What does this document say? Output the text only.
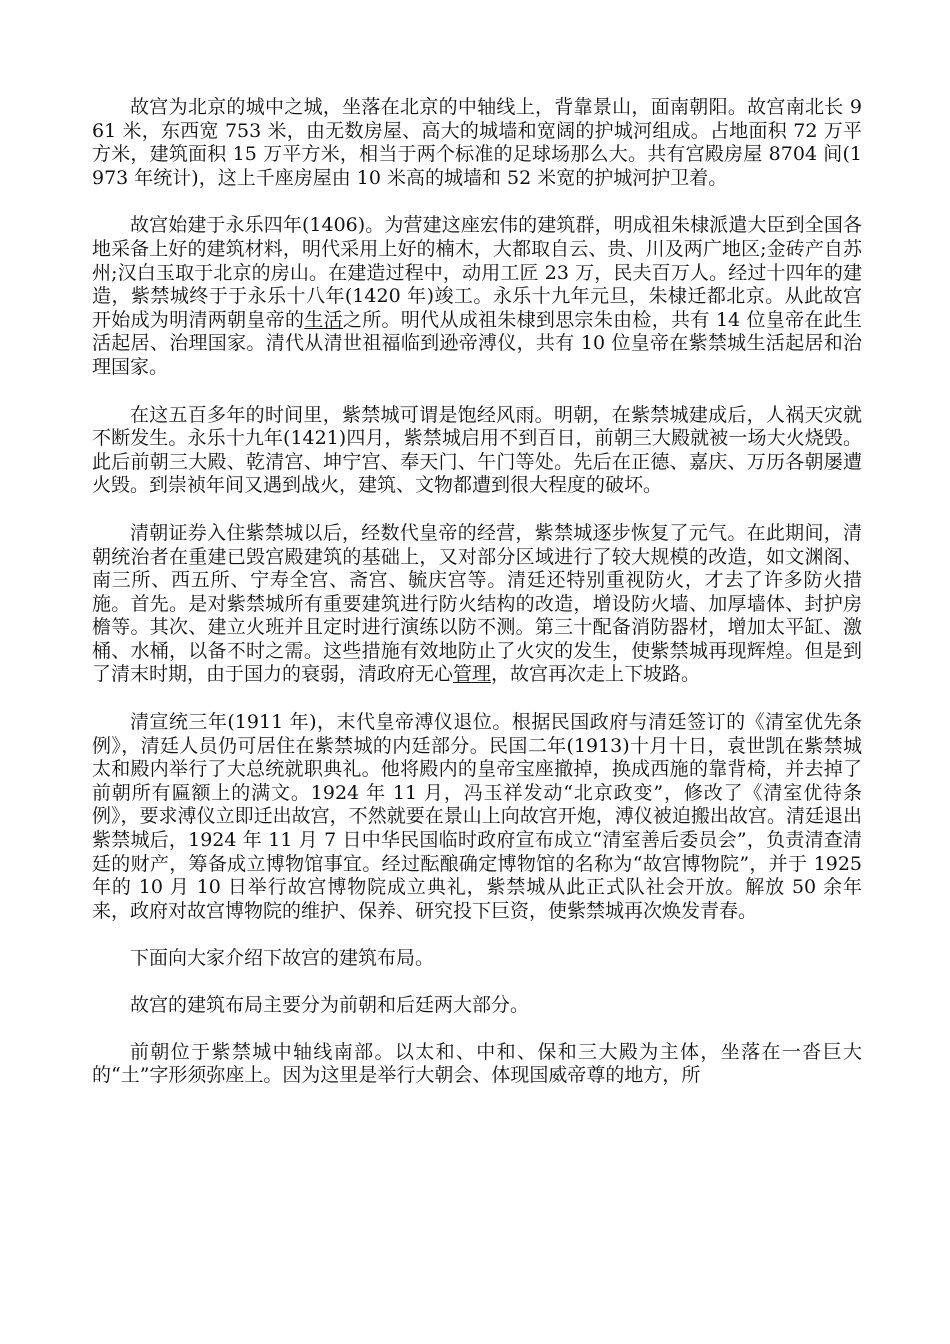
故宫为北京的城中之城，坐落在北京的中轴线上，背靠景山，面南朝阳。故宫南北长 961 米，东西宽 753 米，由无数房屋、高大的城墙和宽阔的护城河组成。占地面积 72 万平方米，建筑面积 15 万平方米，相当于两个标准的足球场那么大。共有宫殿房屋 8704 间(1973 年统计)，这上千座房屋由 10 米高的城墙和 52 米宽的护城河护卫着。

故宫始建于永乐四年(1406)。为营建这座宏伟的建筑群，明成祖朱棣派遣大臣到全国各地采备上好的建筑材料，明代采用上好的楠木，大都取自云、贵、川及两广地区;金砖产自苏州;汉白玉取于北京的房山。在建造过程中，动用工匠 23 万，民夫百万人。经过十四年的建造，紫禁城终于于永乐十八年(1420 年)竣工。永乐十九年元旦，朱棣迁都北京。从此故宫开始成为明清两朝皇帝的生活之所。明代从成祖朱棣到思宗朱由检，共有 14 位皇帝在此生活起居、治理国家。清代从清世祖福临到逊帝溥仪，共有 10 位皇帝在紫禁城生活起居和治理国家。

在这五百多年的时间里，紫禁城可谓是饱经风雨。明朝，在紫禁城建成后，人祸天灾就不断发生。永乐十九年(1421)四月，紫禁城启用不到百日，前朝三大殿就被一场大火烧毁。此后前朝三大殿、乾清宫、坤宁宫、奉天门、午门等处。先后在正德、嘉庆、万历各朝屡遭火毁。到崇祯年间又遇到战火，建筑、文物都遭到很大程度的破坏。

清朝证券入住紫禁城以后，经数代皇帝的经营，紫禁城逐步恢复了元气。在此期间，清朝统治者在重建已毁宫殿建筑的基础上，又对部分区域进行了较大规模的改造，如文渊阁、南三所、西五所、宁寿全宫、斋宫、毓庆宫等。清廷还特别重视防火，才去了许多防火措施。首先。是对紫禁城所有重要建筑进行防火结构的改造，增设防火墙、加厚墙体、封护房檐等。其次、建立火班并且定时进行演练以防不测。第三十配备消防器材，增加太平缸、激桶、水桶，以备不时之需。这些措施有效地防止了火灾的发生，使紫禁城再现辉煌。但是到了清末时期，由于国力的衰弱，清政府无心管理，故宫再次走上下坡路。

清宣统三年(1911 年)，末代皇帝溥仪退位。根据民国政府与清廷签订的《清室优先条例》，清廷人员仍可居住在紫禁城的内廷部分。民国二年(1913)十月十日，袁世凯在紫禁城太和殿内举行了大总统就职典礼。他将殿内的皇帝宝座撤掉，换成西施的靠背椅，并去掉了前朝所有匾额上的满文。1924 年 11 月，冯玉祥发动“北京政变”，修改了《清室优待条例》，要求溥仪立即迁出故宫，不然就要在景山上向故宫开炮，溥仪被迫搬出故宫。清廷退出紫禁城后，1924 年 11 月 7 日中华民国临时政府宣布成立“清室善后委员会”，负责清查清廷的财产，筹备成立博物馆事宜。经过酝酿确定博物馆的名称为“故宫博物院”，并于 1925 年的 10 月 10 日举行故宫博物院成立典礼，紫禁城从此正式队社会开放。解放 50 余年来，政府对故宫博物院的维护、保养、研究投下巨资，使紫禁城再次焕发青春。

下面向大家介绍下故宫的建筑布局。

故宫的建筑布局主要分为前朝和后廷两大部分。

前朝位于紫禁城中轴线南部。以太和、中和、保和三大殿为主体，坐落在一沓巨大的“土”字形须弥座上。因为这里是举行大朝会、体现国威帝尊的地方，所
